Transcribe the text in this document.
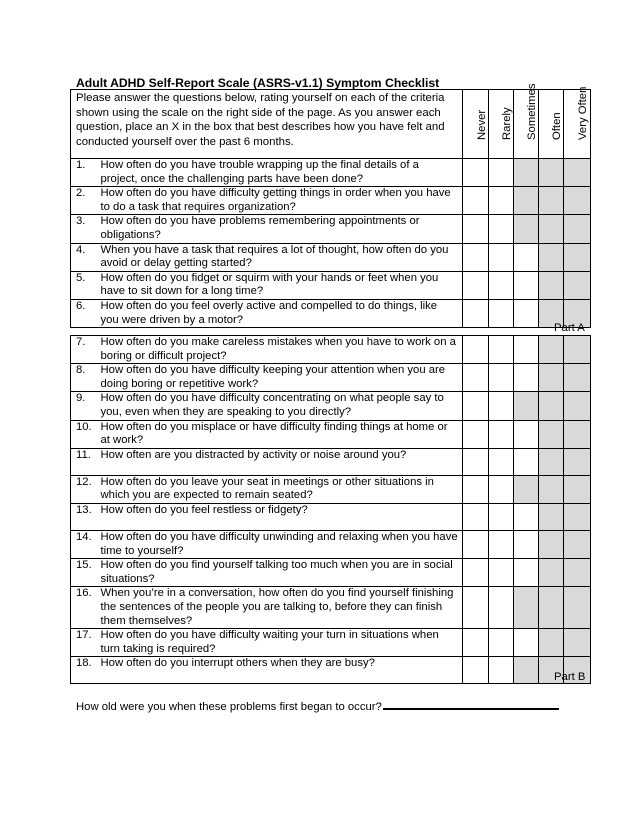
Adult ADHD Self-Report Scale (ASRS-v1.1) Symptom Checklist
Please answer the questions below, rating yourself on each of the criteria shown using the scale on the right side of the page. As you answer each question, place an X in the box that best describes how you have felt and conducted yourself over the past 6 months.		Never	Rarely	Sometimes	Often	Very Often

1.	How often do you have trouble wrapping up the final details of a project, once the challenging parts have been done?					
2.	How often do you have difficulty getting things in order when you have to do a task that requires organization?					
3.	How often do you have problems remembering appointments or obligations?					
4.	When you have a task that requires a lot of thought, how often do you avoid or delay getting started?					
5.	How often do you fidget or squirm with your hands or feet when you have to sit down for a long time?					
6.	How often do you feel overly active and compelled to do things, like you were driven by a motor?					
Part A
7.	How often do you make careless mistakes when you have to work on a boring or difficult project?					
8.	How often do you have difficulty keeping your attention when you are doing boring or repetitive work?					
9.	How often do you have difficulty concentrating on what people say to you, even when they are speaking to you directly?					
10.	How often do you misplace or have difficulty finding things at home or at work?					
11.	How often are you distracted by activity or noise around you?					
12.	How often do you leave your seat in meetings or other situations in which you are expected to remain seated?					
13.	How often do you feel restless or fidgety?					
14.	How often do you have difficulty unwinding and relaxing when you have time to yourself?					
15.	How often do you find yourself talking too much when you are in social situations?					
16.	When you’re in a conversation, how often do you find yourself finishing the sentences of the people you are talking to, before they can finish them themselves?					
17.	How often do you have difficulty waiting your turn in situations when turn taking is required?					
18.	How often do you interrupt others when they are busy?					
Part B
How old were you when these problems first began to occur?
